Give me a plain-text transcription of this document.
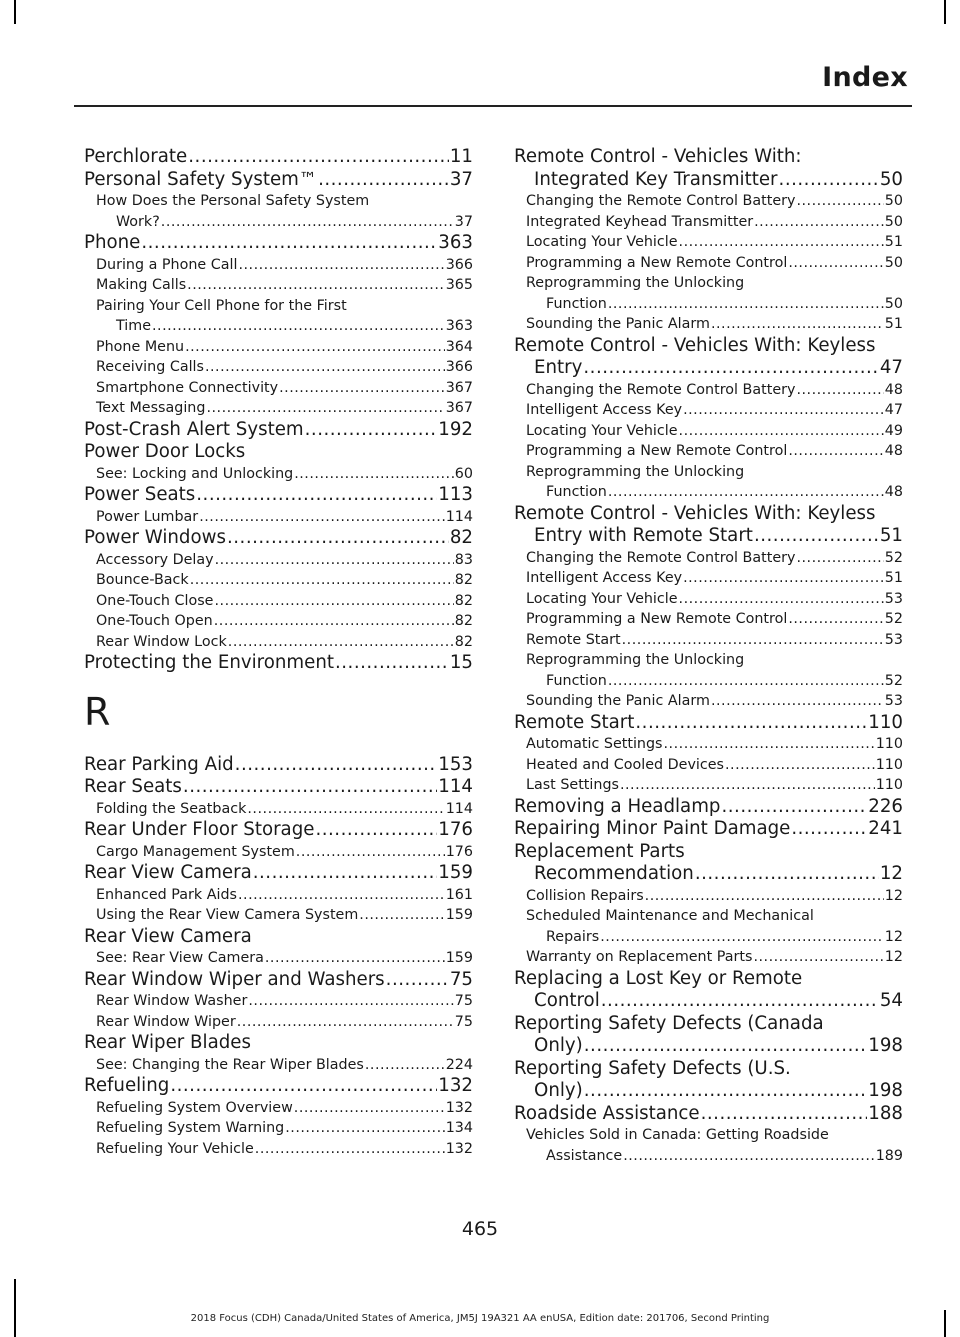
Index
Perchlorate .....	11
Personal Safety System™ .....	37
How Does the Personal Safety System
Work? .....	37
Phone .....	363
During a Phone Call .....	366
Making Calls .....	365
Pairing Your Cell Phone for the First
Time .....	363
Phone Menu .....	364
Receiving Calls .....	366
Smartphone Connectivity .....	367
Text Messaging .....	367
Post-Crash Alert System .....	192
Power Door Locks
See: Locking and Unlocking .....	60
Power Seats .....	113
Power Lumbar .....	114
Power Windows .....	82
Accessory Delay .....	83
Bounce-Back .....	82
One-Touch Close .....	82
One-Touch Open .....	82
Rear Window Lock .....	82
Protecting the Environment .....	15
R
Rear Parking Aid .....	153
Rear Seats .....	114
Folding the Seatback .....	114
Rear Under Floor Storage .....	176
Cargo Management System .....	176
Rear View Camera .....	159
Enhanced Park Aids .....	161
Using the Rear View Camera System .....	159
Rear View Camera
See: Rear View Camera .....	159
Rear Window Wiper and Washers .....	75
Rear Window Washer .....	75
Rear Window Wiper .....	75
Rear Wiper Blades
See: Changing the Rear Wiper Blades .....	224
Refueling .....	132
Refueling System Overview .....	132
Refueling System Warning .....	134
Refueling Your Vehicle .....	132
Remote Control - Vehicles With:
Integrated Key Transmitter .....	50
Changing the Remote Control Battery .....	50
Integrated Keyhead Transmitter .....	50
Locating Your Vehicle .....	51
Programming a New Remote Control .....	50
Reprogramming the Unlocking
Function .....	50
Sounding the Panic Alarm .....	51
Remote Control - Vehicles With: Keyless
Entry .....	47
Changing the Remote Control Battery .....	48
Intelligent Access Key .....	47
Locating Your Vehicle .....	49
Programming a New Remote Control .....	48
Reprogramming the Unlocking
Function .....	48
Remote Control - Vehicles With: Keyless
Entry with Remote Start .....	51
Changing the Remote Control Battery .....	52
Intelligent Access Key .....	51
Locating Your Vehicle .....	53
Programming a New Remote Control .....	52
Remote Start .....	53
Reprogramming the Unlocking
Function .....	52
Sounding the Panic Alarm .....	53
Remote Start .....	110
Automatic Settings .....	110
Heated and Cooled Devices .....	110
Last Settings .....	110
Removing a Headlamp .....	226
Repairing Minor Paint Damage .....	241
Replacement Parts
Recommendation .....	12
Collision Repairs .....	12
Scheduled Maintenance and Mechanical
Repairs .....	12
Warranty on Replacement Parts .....	12
Replacing a Lost Key or Remote
Control .....	54
Reporting Safety Defects (Canada
Only) .....	198
Reporting Safety Defects (U.S.
Only) .....	198
Roadside Assistance .....	188
Vehicles Sold in Canada: Getting Roadside
Assistance .....	189
465
2018 Focus (CDH) Canada/United States of America, JM5J 19A321 AA enUSA, Edition date: 201706, Second Printing
